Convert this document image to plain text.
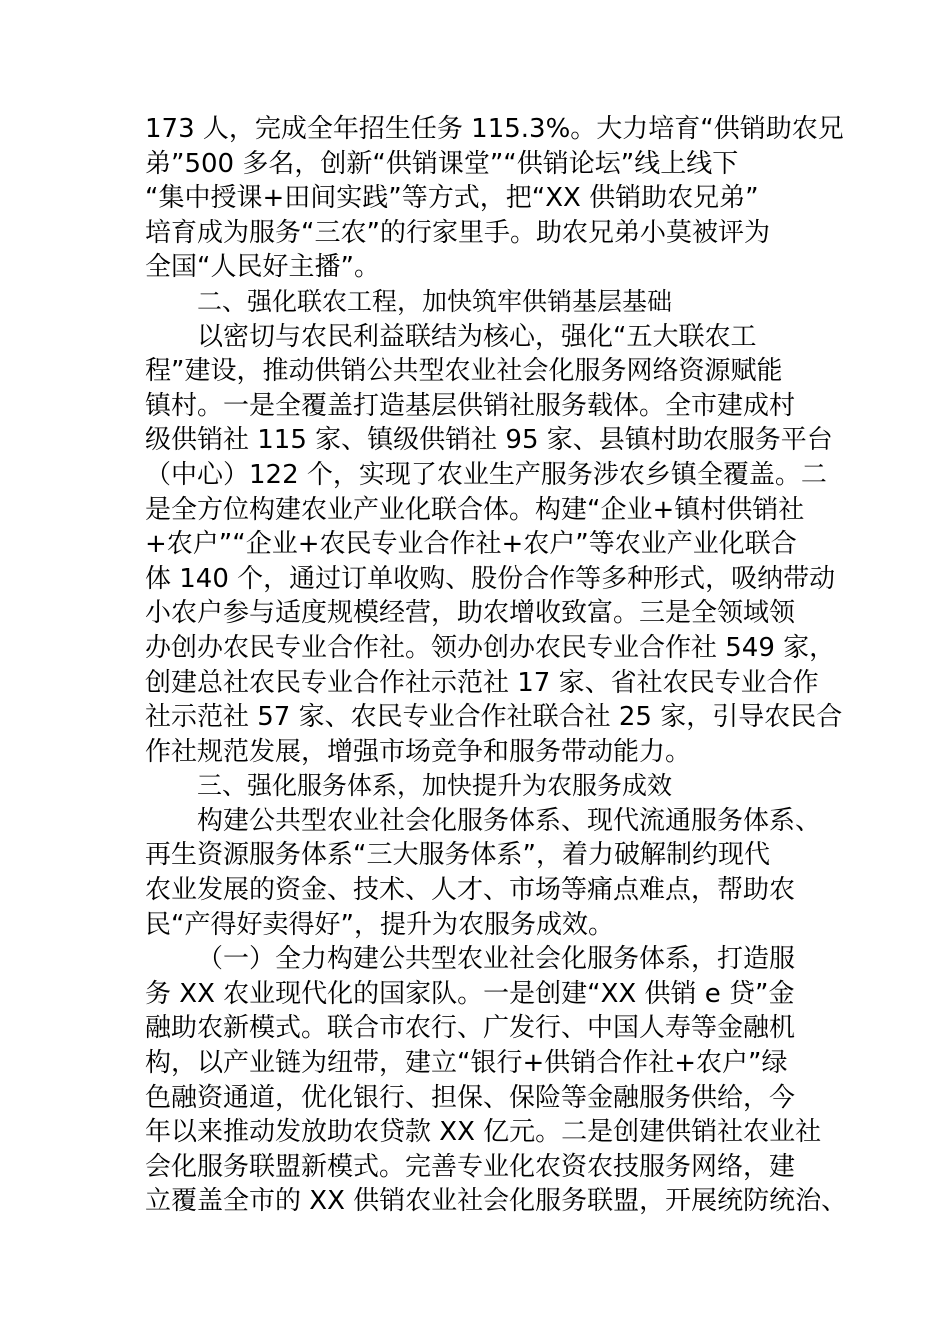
173 人，完成全年招生任务 115.3%。大力培育“供销助农兄
弟”500 多名，创新“供销课堂”“供销论坛”线上线下
“集中授课+田间实践”等方式，把“XX 供销助农兄弟”
培育成为服务“三农”的行家里手。助农兄弟小莫被评为
全国“人民好主播”。
二、强化联农工程，加快筑牢供销基层基础
以密切与农民利益联结为核心，强化“五大联农工
程”建设，推动供销公共型农业社会化服务网络资源赋能
镇村。一是全覆盖打造基层供销社服务载体。全市建成村
级供销社 115 家、镇级供销社 95 家、县镇村助农服务平台
（中心）122 个，实现了农业生产服务涉农乡镇全覆盖。二
是全方位构建农业产业化联合体。构建“企业+镇村供销社
+农户”“企业+农民专业合作社+农户”等农业产业化联合
体 140 个，通过订单收购、股份合作等多种形式，吸纳带动
小农户参与适度规模经营，助农增收致富。三是全领域领
办创办农民专业合作社。领办创办农民专业合作社 549 家，
创建总社农民专业合作社示范社 17 家、省社农民专业合作
社示范社 57 家、农民专业合作社联合社 25 家，引导农民合
作社规范发展，增强市场竞争和服务带动能力。
三、强化服务体系，加快提升为农服务成效
构建公共型农业社会化服务体系、现代流通服务体系、
再生资源服务体系“三大服务体系”，着力破解制约现代
农业发展的资金、技术、人才、市场等痛点难点，帮助农
民“产得好卖得好”，提升为农服务成效。
（一）全力构建公共型农业社会化服务体系，打造服
务 XX 农业现代化的国家队。一是创建“XX 供销 e 贷”金
融助农新模式。联合市农行、广发行、中国人寿等金融机
构，以产业链为纽带，建立“银行+供销合作社+农户”绿
色融资通道，优化银行、担保、保险等金融服务供给，今
年以来推动发放助农贷款 XX 亿元。二是创建供销社农业社
会化服务联盟新模式。完善专业化农资农技服务网络，建
立覆盖全市的 XX 供销农业社会化服务联盟，开展统防统治、
